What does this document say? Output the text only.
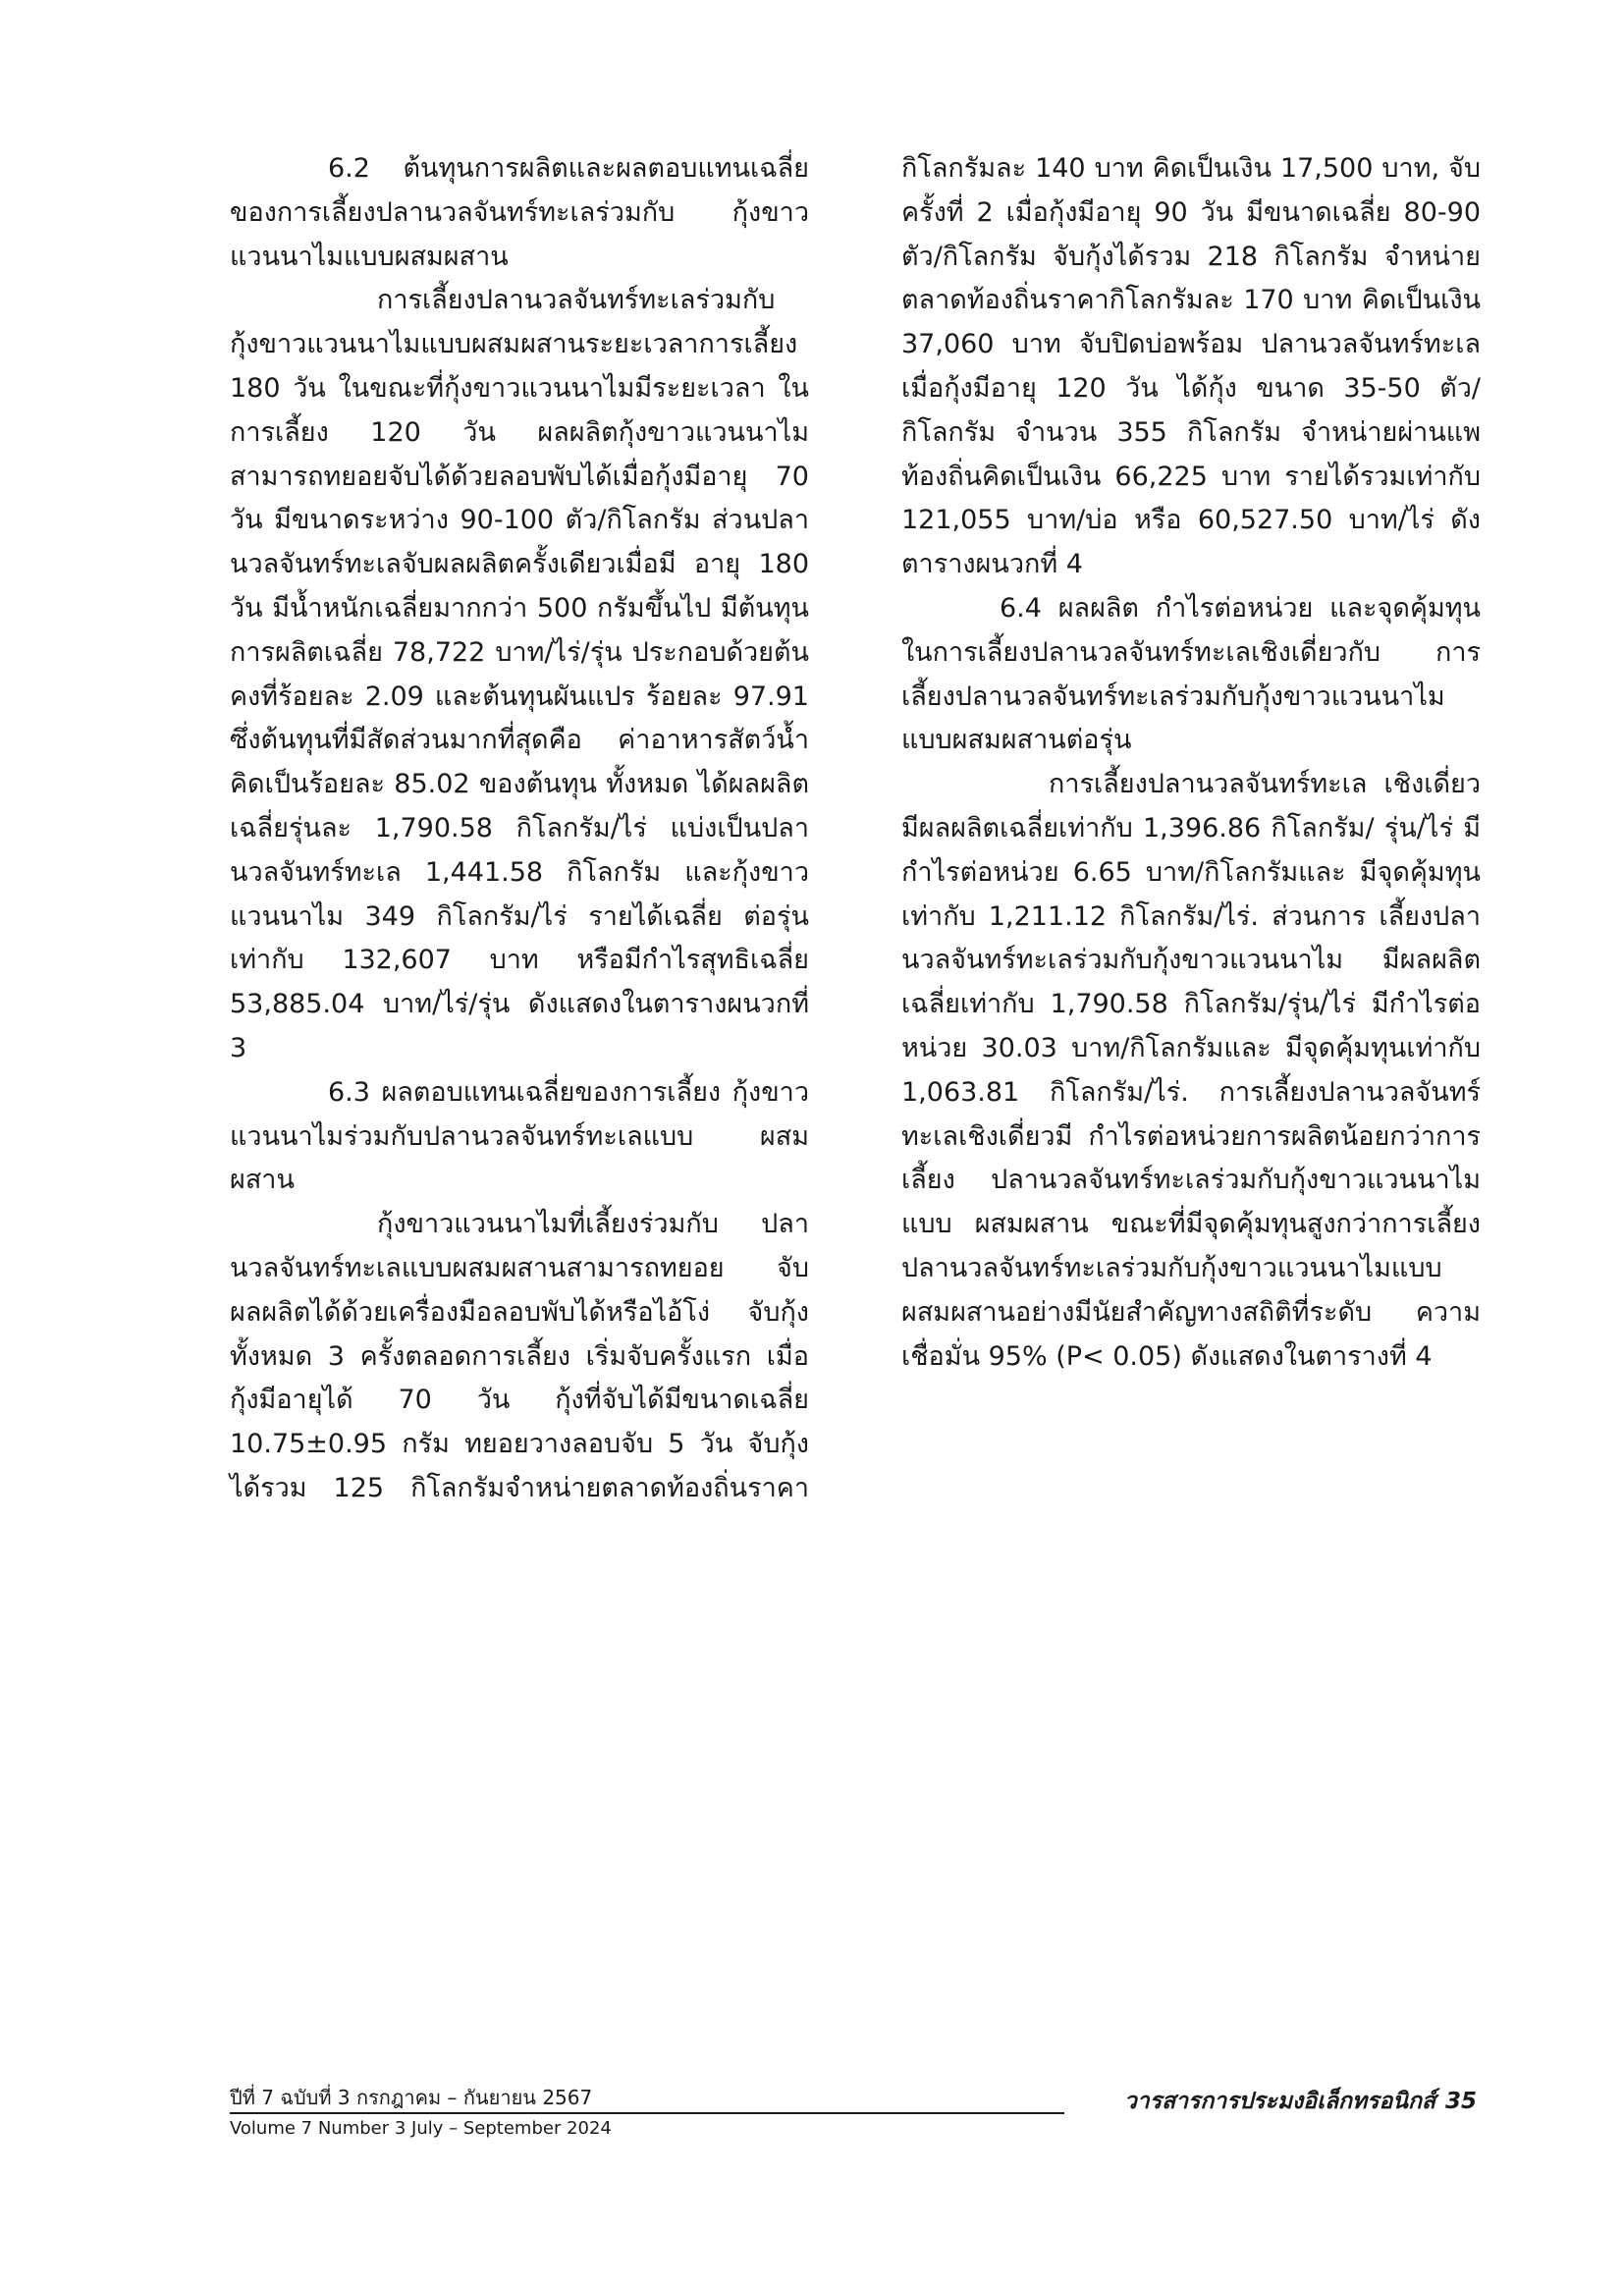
6.2 ต้นทุนการผลิตและผลตอบแทนเฉลี่ย ของการเลี้ยงปลานวลจันทร์ทะเลร่วมกับ กุ้งขาวแวนนาไมแบบผสมผสาน

การเลี้ยงปลานวลจันทร์ทะเลร่วมกับ กุ้งขาวแวนนาไมแบบผสมผสานระยะเวลาการเลี้ยง 180 วัน ในขณะที่กุ้งขาวแวนนาไมมีระยะเวลา ในการเลี้ยง 120 วัน ผลผลิตกุ้งขาวแวนนาไม สามารถทยอยจับได้ด้วยลอบพับได้เมื่อกุ้งมีอายุ 70 วัน มีขนาดระหว่าง 90-100 ตัว/กิโลกรัม ส่วนปลานวลจันทร์ทะเลจับผลผลิตครั้งเดียวเมื่อมี อายุ 180 วัน มีน้ำหนักเฉลี่ยมากกว่า 500 กรัมขึ้นไป มีต้นทุนการผลิตเฉลี่ย 78,722 บาท/ไร่/รุ่น ประกอบด้วยต้นคงที่ร้อยละ 2.09 และต้นทุนผันแปร ร้อยละ 97.91 ซึ่งต้นทุนที่มีสัดส่วนมากที่สุดคือ ค่าอาหารสัตว์น้ำ คิดเป็นร้อยละ 85.02 ของต้นทุน ทั้งหมด ได้ผลผลิตเฉลี่ยรุ่นละ 1,790.58 กิโลกรัม/ไร่ แบ่งเป็นปลานวลจันทร์ทะเล 1,441.58 กิโลกรัม และกุ้งขาวแวนนาไม 349 กิโลกรัม/ไร่ รายได้เฉลี่ย ต่อรุ่นเท่ากับ 132,607 บาท หรือมีกำไรสุทธิเฉลี่ย 53,885.04 บาท/ไร่/รุ่น ดังแสดงในตารางผนวกที่ 3

6.3 ผลตอบแทนเฉลี่ยของการเลี้ยง กุ้งขาวแวนนาไมร่วมกับปลานวลจันทร์ทะเลแบบ ผสมผสาน

กุ้งขาวแวนนาไมที่เลี้ยงร่วมกับ ปลานวลจันทร์ทะเลแบบผสมผสานสามารถทยอย จับผลผลิตได้ด้วยเครื่องมือลอบพับได้หรือไอ้โง่ จับกุ้งทั้งหมด 3 ครั้งตลอดการเลี้ยง เริ่มจับครั้งแรก เมื่อกุ้งมีอายุได้ 70 วัน กุ้งที่จับได้มีขนาดเฉลี่ย 10.75±0.95 กรัม ทยอยวางลอบจับ 5 วัน จับกุ้ง ได้รวม 125 กิโลกรัมจำหน่ายตลาดท้องถิ่นราคา

กิโลกรัมละ 140 บาท คิดเป็นเงิน 17,500 บาท, จับครั้งที่ 2 เมื่อกุ้งมีอายุ 90 วัน มีขนาดเฉลี่ย 80-90 ตัว/กิโลกรัม จับกุ้งได้รวม 218 กิโลกรัม จำหน่ายตลาดท้องถิ่นราคากิโลกรัมละ 170 บาท คิดเป็นเงิน 37,060 บาท จับปิดบ่อพร้อม ปลานวลจันทร์ทะเลเมื่อกุ้งมีอายุ 120 วัน ได้กุ้ง ขนาด 35-50 ตัว/กิโลกรัม จำนวน 355 กิโลกรัม จำหน่ายผ่านแพท้องถิ่นคิดเป็นเงิน 66,225 บาท รายได้รวมเท่ากับ 121,055 บาท/บ่อ หรือ 60,527.50 บาท/ไร่ ดังตารางผนวกที่ 4

6.4 ผลผลิต กำไรต่อหน่วย และจุดคุ้มทุน ในการเลี้ยงปลานวลจันทร์ทะเลเชิงเดี่ยวกับ การเลี้ยงปลานวลจันทร์ทะเลร่วมกับกุ้งขาวแวนนาไม แบบผสมผสานต่อรุ่น

การเลี้ยงปลานวลจันทร์ทะเล เชิงเดี่ยวมีผลผลิตเฉลี่ยเท่ากับ 1,396.86 กิโลกรัม/ รุ่น/ไร่ มีกำไรต่อหน่วย 6.65 บาท/กิโลกรัมและ มีจุดคุ้มทุนเท่ากับ 1,211.12 กิโลกรัม/ไร่. ส่วนการ เลี้ยงปลานวลจันทร์ทะเลร่วมกับกุ้งขาวแวนนาไม มีผลผลิตเฉลี่ยเท่ากับ 1,790.58 กิโลกรัม/รุ่น/ไร่ มีกำไรต่อหน่วย 30.03 บาท/กิโลกรัมและ มีจุดคุ้มทุนเท่ากับ 1,063.81 กิโลกรัม/ไร่. การเลี้ยงปลานวลจันทร์ทะเลเชิงเดี่ยวมี กำไรต่อหน่วยการผลิตน้อยกว่าการเลี้ยง ปลานวลจันทร์ทะเลร่วมกับกุ้งขาวแวนนาไมแบบ ผสมผสาน ขณะที่มีจุดคุ้มทุนสูงกว่าการเลี้ยง ปลานวลจันทร์ทะเลร่วมกับกุ้งขาวแวนนาไมแบบ ผสมผสานอย่างมีนัยสำคัญทางสถิติที่ระดับ ความเชื่อมั่น 95% (P< 0.05) ดังแสดงในตารางที่ 4

ปีที่ 7 ฉบับที่ 3 กรกฎาคม – กันยายน 2567
Volume 7 Number 3 July – September 2024
วารสารการประมงอิเล็กทรอนิกส์ 35
